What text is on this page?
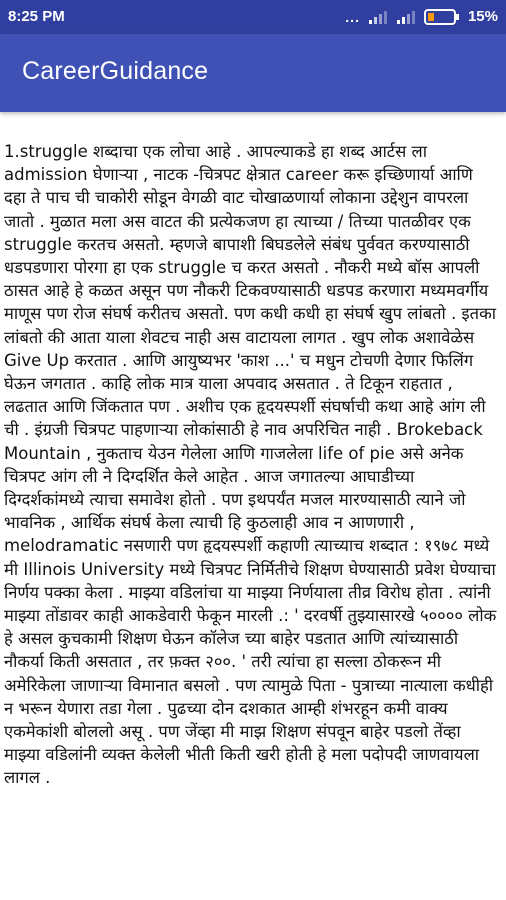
8:25 PM	...	15%
CareerGuidance

1.struggle शब्दाचा एक लोचा आहे . आपल्याकडे हा शब्द आर्टस ला admission घेणाऱ्या , नाटक -चित्रपट क्षेत्रात career करू इच्छिणार्या आणि दहा ते पाच ची चाकोरी सोडून वेगळी वाट चोखाळणार्या लोकाना उद्देशुन वापरला जातो . मुळात मला अस वाटत की प्रत्येकजण हा त्याच्या / तिच्या पातळीवर एक struggle करतच असतो. म्हणजे बापाशी बिघडलेले संबंध पुर्ववत करण्यासाठी धडपडणारा पोरगा हा एक struggle च करत असतो . नौकरी मध्ये बॉस आपली ठासत आहे हे कळत असून पण नौकरी टिकवण्यासाठी धडपड करणारा मध्यमवर्गीय माणूस पण रोज संघर्ष करीतच असतो. पण कधी कधी हा संघर्ष खुप लांबतो . इतका लांबतो की आता याला शेवटच नाही अस वाटायला लागत . खुप लोक अशावेळेस Give Up करतात . आणि आयुष्यभर 'काश ...' च मधुन टोचणी देणार फिलिंग घेऊन जगतात . काहि लोक मात्र याला अपवाद असतात . ते टिकून राहतात , लढतात आणि जिंकतात पण . अशीच एक हृदयस्पर्शी संघर्षाची कथा आहे आंग ली ची . इंग्रजी चित्रपट पाहणाऱ्या लोकांसाठी हे नाव अपरिचित नाही . Brokeback Mountain , नुकताच येउन गेलेला आणि गाजलेला life of pie असे अनेक चित्रपट आंग ली ने दिग्दर्शित केले आहेत . आज जगातल्या आघाडीच्या दिग्दर्शकांमध्ये त्याचा समावेश होतो . पण इथपर्यंत मजल मारण्यासाठी त्याने जो भावनिक , आर्थिक संघर्ष केला त्याची हि कुठलाही आव न आणणारी , melodramatic नसणारी पण हृदयस्पर्शी कहाणी त्याच्याच शब्दात : १९७८ मध्ये मी Illinois University मध्ये चित्रपट निर्मितीचे शिक्षण घेण्यासाठी प्रवेश घेण्याचा निर्णय पक्का केला . माझ्या वडिलांचा या माझ्या निर्णयाला तीव्र विरोध होता . त्यांनी माझ्या तोंडावर काही आकडेवारी फेकून मारली .: ' दरवर्षी तुझ्यासारखे ५०००० लोक हे असल कुचकामी शिक्षण घेऊन कॉलेज च्या बाहेर पडतात आणि त्यांच्यासाठी नौकर्या किती असतात , तर फ़क्त २००. ' तरी त्यांचा हा सल्ला ठोकरून मी अमेरिकेला जाणाऱ्या विमानात बसलो . पण त्यामुळे पिता - पुत्राच्या नात्याला कधीही न भरून येणारा तडा गेला . पुढच्या दोन दशकात आम्ही शंभरहून कमी वाक्य एकमेकांशी बोललो असू . पण जेंव्हा मी माझ शिक्षण संपवून बाहेर पडलो तेंव्हा माझ्या वडिलांनी व्यक्त केलेली भीती किती खरी होती हे मला पदोपदी जाणवायला लागल .
